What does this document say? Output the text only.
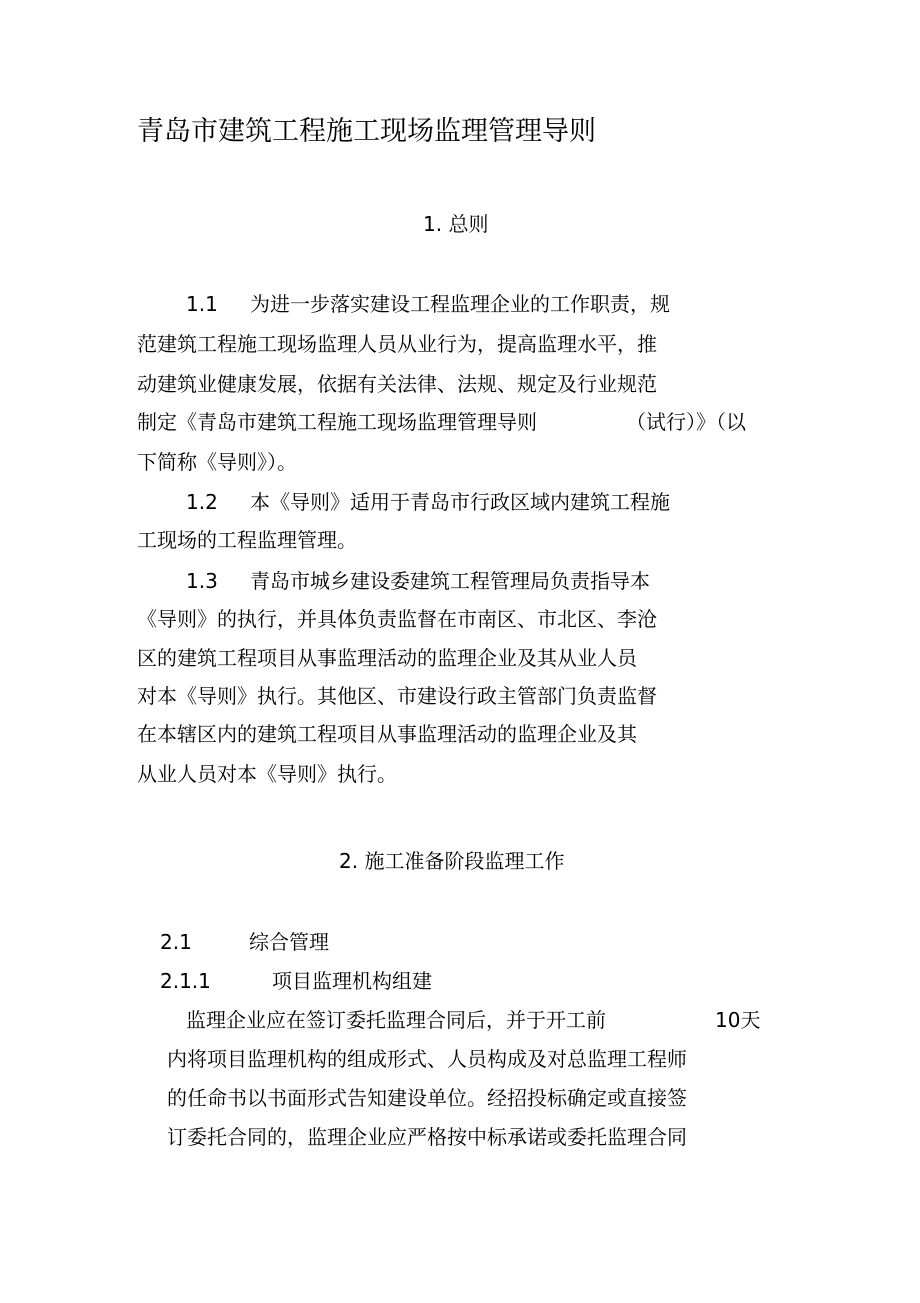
青岛市建筑工程施工现场监理管理导则
1. 总则
1.1 为进一步落实建设工程监理企业的工作职责，规
范建筑工程施工现场监理人员从业行为，提高监理水平，推
动建筑业健康发展，依据有关法律、法规、规定及行业规范
制定《青岛市建筑工程施工现场监理管理导则	（试行）》（以
下简称《导则》）。
1.2 本《导则》适用于青岛市行政区域内建筑工程施
工现场的工程监理管理。
1.3 青岛市城乡建设委建筑工程管理局负责指导本
《导则》的执行，并具体负责监督在市南区、市北区、李沧
区的建筑工程项目从事监理活动的监理企业及其从业人员
对本《导则》执行。其他区、市建设行政主管部门负责监督
在本辖区内的建筑工程项目从事监理活动的监理企业及其
从业人员对本《导则》执行。
2. 施工准备阶段监理工作
2.1	综合管理
2.1.1	项目监理机构组建
监理企业应在签订委托监理合同后，并于开工前	10天
内将项目监理机构的组成形式、人员构成及对总监理工程师
的任命书以书面形式告知建设单位。经招投标确定或直接签
订委托合同的，监理企业应严格按中标承诺或委托监理合同
